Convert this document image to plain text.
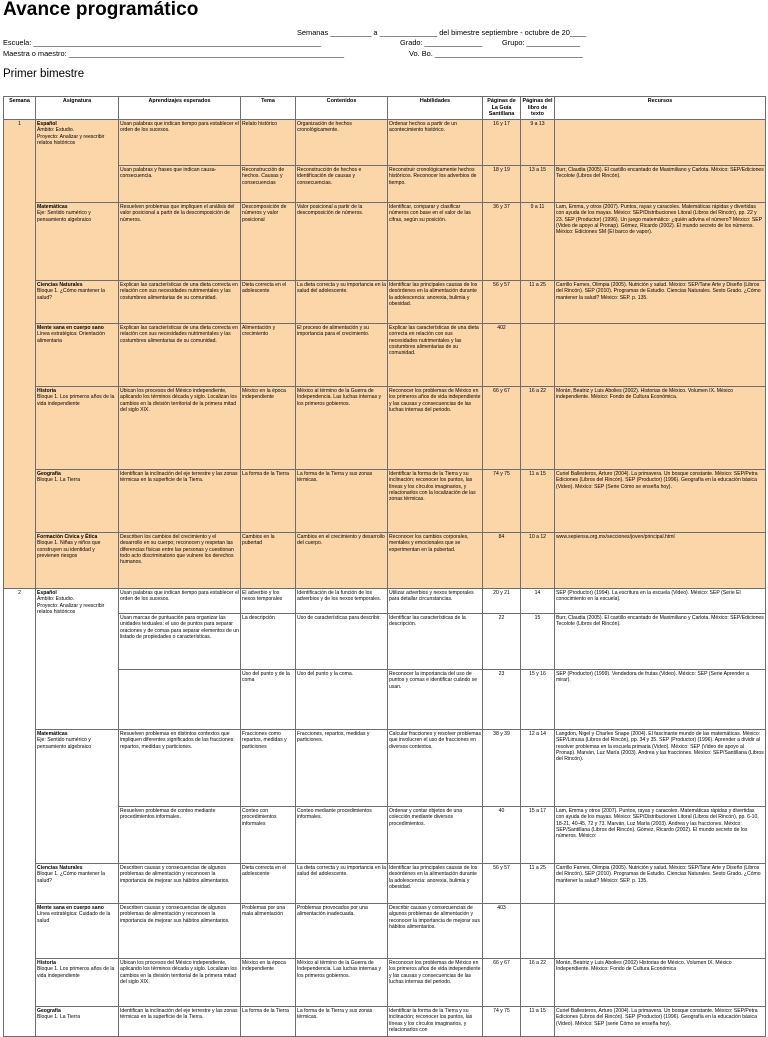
Avance programático
Semanas __________ a ______________ del bimestre septiembre - octubre de 20____
Escuela: ______________________________________________________________________	Grado: ______________	Grupo: _____________
Maestra o maestro: ___________________________________________________________________	Vo. Bo. ____________________________________
Primer bimestre
Semana	Asignatura	Aprendizajes esperados	Tema	Contenidos	Habilidades	Páginas de La Guía Santillana	Páginas del libro de texto	Recursos
1	Español
Ámbito: Estudio.
Proyecto: Analizar y reescribir relatos históricos	Usan palabras que indican tiempo para establecer el orden de los sucesos.	Relato histórico	Organización de hechos cronológicamente.	Ordenar hechos a partir de un acontecimiento histórico.	16 y 17	9 a 13	
		Usan palabras y frases que indican causa-consecuencia.	Reconstrucción de hechos. Causas y consecuencias	Reconstrucción de hechos e identificación de causas y consecuencias.	Reconstruir cronológicamente hechos históricos. Reconocer los adverbios de tiempo.	18 y 19	13 a 15	Burr, Claudia (2005). El castillo encantado de Maximiliano y Carlota. México: SEP/Ediciones Tecolote (Libros del Rincón).

	Matemáticas
Eje: Sentido numérico y pensamiento algebraico	Resuelven problemas que impliquen el análisis del valor posicional a partir de la descomposición de números.	Descomposición de números y valor posicional	Valor posicional a partir de la descomposición de números.	Identificar, comparar y clasificar números con base en el valor de las cifras, según su posición.	36 y 37	9 a 11	Lam, Emma, y otros (2007). Puntos, rayas y caracoles. Matemáticas rápidas y divertidas con ayuda de los mayas. México: SEP/Distribuciones Litoral (Libros del Rincón), pp. 22 y 23. SEP (Productor) (1996). Un juego matemático: ¿quién adivina el número? México: SEP (Video de apoyo al Pronap). Gómez, Ricardo (2002). El mundo secreto de los números. México: Ediciones SM (El barco de vapor).

	Ciencias Naturales
Bloque 1. ¿Cómo mantener la salud?	Explican las características de una dieta correcta en relación con sus necesidades nutrimentales y las costumbres alimentarias de su comunidad.	Dieta correcta en el adolescente	La dieta correcta y su importancia en la salud del adolescente.	Identificar las principales causas de los desórdenes en la alimentación durante la adolescencia: anorexia, bulimia y obesidad.	56 y 57	11 a 25	Carrillo Farnes, Olimpia (2005). Nutrición y salud. México: SEP/Tane Arte y Diseño (Libros del Rincón). SEP (2010). Programas de Estudio. Ciencias Naturales. Sexto Grado. ¿Cómo mantener la salud? México: SEP. p. 135.

	Mente sana en cuerpo sano
Línea estratégica: Orientación alimentaria	Explican las características de una dieta correcta en relación con sus necesidades nutrimentales y las costumbres alimentarias de su comunidad.	Alimentación y crecimiento	El proceso de alimentación y su importancia para el crecimiento.	Explicar las características de una dieta correcta en relación con sus necesidades nutrimentales y las costumbres alimentarias de su comunidad.	402		

	Historia
Bloque 1. Los primeros años de la vida independiente	Ubican los procesos del México independiente, aplicando los términos década y siglo. Localizan los cambios en la división territorial de la primera mitad del siglo XIX.	México en la época independiente	México al término de la Guerra de Independencia. Las luchas internas y los primeros gobiernos.	Reconocer los problemas de México en los primeros años de vida independiente y las causas y consecuencias de las luchas internas del periodo.	66 y 67	16 a 22	Morán, Beatriz y Luis Abolies (2002). Historias de México. Volumen IX. México independiente. México: Fondo de Cultura Económica.

	Geografía
Bloque 1. La Tierra	Identifican la inclinación del eje terrestre y las zonas térmicas en la superficie de la Tierra.	La forma de la Tierra	La forma de la Tierra y sus zonas térmicas.	Identificar la forma de la Tierra y su inclinación; reconocer los puntos, las líneas y los círculos imaginarios, y relacionarlos con la localización de las zonas térmicas.	74 y 75	11 a 15	Curiel Ballesteros, Arturo (2004). La primavera. Un bosque constante. México: SEP/Petra Ediciones (Libros del Rincón). SEP (Productor) (1996). Geografía en la educación básica (Video). México: SEP (Serie Cómo se enseña hoy).

	Formación Cívica y Ética
Bloque 1. Niñas y niños que construyen su identidad y previenen riesgos	Describen los cambios del crecimiento y el desarrollo en su cuerpo; reconocen y respetan las diferencias físicas entre las personas y cuestionan todo acto discriminatorio que vulnere los derechos humanos.	Cambios en la pubertad	Cambios en el crecimiento y desarrollo del cuerpo.	Reconocer los cambios corporales, mentales y emocionales que se experimentan en la pubertad.	84	10 a 12	www.sepiensa.org.mx/secciones/joven/principal.html
2	Español
Ámbito: Estudio.
Proyecto: Analizar y reescribir relatos históricos	Usan palabras que indican tiempo para establecer el orden de los sucesos.	El adverbio y los nexos temporales	Identificación de la función de los adverbios y de los nexos temporales.	Utilizar adverbios y nexos temporales para detallar circunstancias.	20 y 21	14	SEP (Productor) (1994). La escritura en la escuela (Video). México: SEP (Serie El conocimiento en la escuela).
		Usan marcas de puntuación para organizar las unidades textuales: el uso de puntos para separar oraciones y de comas para separar elementos de un listado de propiedades o características.	La descripción	Uso de características para describir.	Identificar las características de la descripción.	22	15	Burr, Claudia (2005). El castillo encantado de Maximiliano y Carlota. México: SEP/Ediciones Tecolote (Libros del Rincón).
			Uso del punto y de la coma	Uso del punto y la coma.	Reconocer la importancia del uso de puntos y comas e identificar cuándo se usan.	23	15 y 16	SEP (Productor) (1999). Vendedora de frutas (Video). México: SEP (Serie Aprender a mirar).

	Matemáticas
Eje: Sentido numérico y pensamiento algebraico	Resuelven problemas en distintos contextos que impliquen diferentes significados de las fracciones: repartos, medidas y particiones.	Fracciones como repartos, medidas y particiones	Fracciones, repartos, medidas y particiones.	Calcular fracciones y resolver problemas que involucren el uso de fracciones en diversos contextos.	38 y 39	12 a 14	Langdon, Nigel y Charles Snape (2004). El fascinante mundo de las matemáticas. México: SEP/Limusa (Libros del Rincón), pp. 34 y 35. SEP (Productor) (1996). Aprender a dividir al resolver problemas en la escuela primaria (Video). México: SEP (Video de apoyo al Pronap). Marván, Luz María (2003). Andrea y las fracciones. México: SEP/Santillana (Libros del Rincón).
		Resuelven problemas de conteo mediante procedimientos informales.	Conteo con procedimientos informales	Conteo mediante procedimientos informales.	Ordenar y contar objetos de una colección mediante diversos procedimientos.	40	15 a 17	Lam, Emma y otros (2007). Puntos, rayas y caracoles. Matemáticas rápidas y divertidas con ayuda de los mayas. México: SEP/Distribuciones Litoral (Libros del Rincón), pp. 6-10, 18-21, 40-45, 72 y 73. Marván, Luz María (2003). Andrea y las fracciones. México: SEP/Santillana (Libros del Rincón). Gómez, Ricardo (2002). El mundo secreto de los números. México:

	Ciencias Naturales
Bloque 1. ¿Cómo mantener la salud?	Describen causas y consecuencias de algunos problemas de alimentación y reconocen la importancia de mejorar sus hábitos alimentarios.	Dieta correcta en el adolescente	La dieta correcta y su importancia en la salud del adolescente.	Identificar las principales causas de los desórdenes en la alimentación durante la adolescencia: anorexia, bulimia y obesidad.	56 y 57	11 a 25	Carrillo Farnes, Olimpia (2005). Nutrición y salud. México: SEP/Tane Arte y Diseño (Libros del Rincón). SEP (2010). Programas de Estudio. Ciencias Naturales. Sexto Grado. ¿Cómo mantener la salud? México: SEP. p. 135.

	Mente sana en cuerpo sano
Línea estratégica: Cuidado de la salud	Describen causas y consecuencias de algunos problemas de alimentación y reconocen la importancia de mejorar sus hábitos alimentarios.	Problemas por una mala alimentación	Problemas provocados por una alimentación inadecuada.	Describir causas y consecuencias de algunos problemas de alimentación y reconocer la importancia de mejorar sus hábitos alimentarios.	403		

	Historia
Bloque 1. Los primeros años de la vida independiente	Ubican los procesos del México independiente, aplicando los términos década y siglo. Localizan los cambios en la división territorial de la primera mitad del siglo XIX.	México en la época independiente	México al término de la Guerra de Independencia. Las luchas internas y los primeros gobiernos.	Reconocer los problemas de México en los primeros años de vida independiente y las causas y consecuencias de las luchas internas del periodo.	66 y 67	16 a 22	Morán, Beatriz y Luis Abolies (2002) Historias de México. Volumen IX. México Independiente. México: Fondo de Cultura Económica

	Geografía
Bloque 1. La Tierra	Identifican la inclinación del eje terrestre y las zonas térmicas en la superficie de la Tierra.	La forma de la Tierra	La forma de la Tierra y sus zonas térmicas.	Identificar la forma de la Tierra y su inclinación; reconocer los puntos, las líneas y los círculos imaginarios, y relacionarlos con	74 y 75	11 a 15	Curiel Ballesteros, Arturo (2004). La primavera. Un bosque constante. México: SEP/Petra Ediciones (Libros del Rincón). SEP (Productor) (1996). Geografía en la educación básica (Video). México: SEP (serie Cómo se enseña hoy).
